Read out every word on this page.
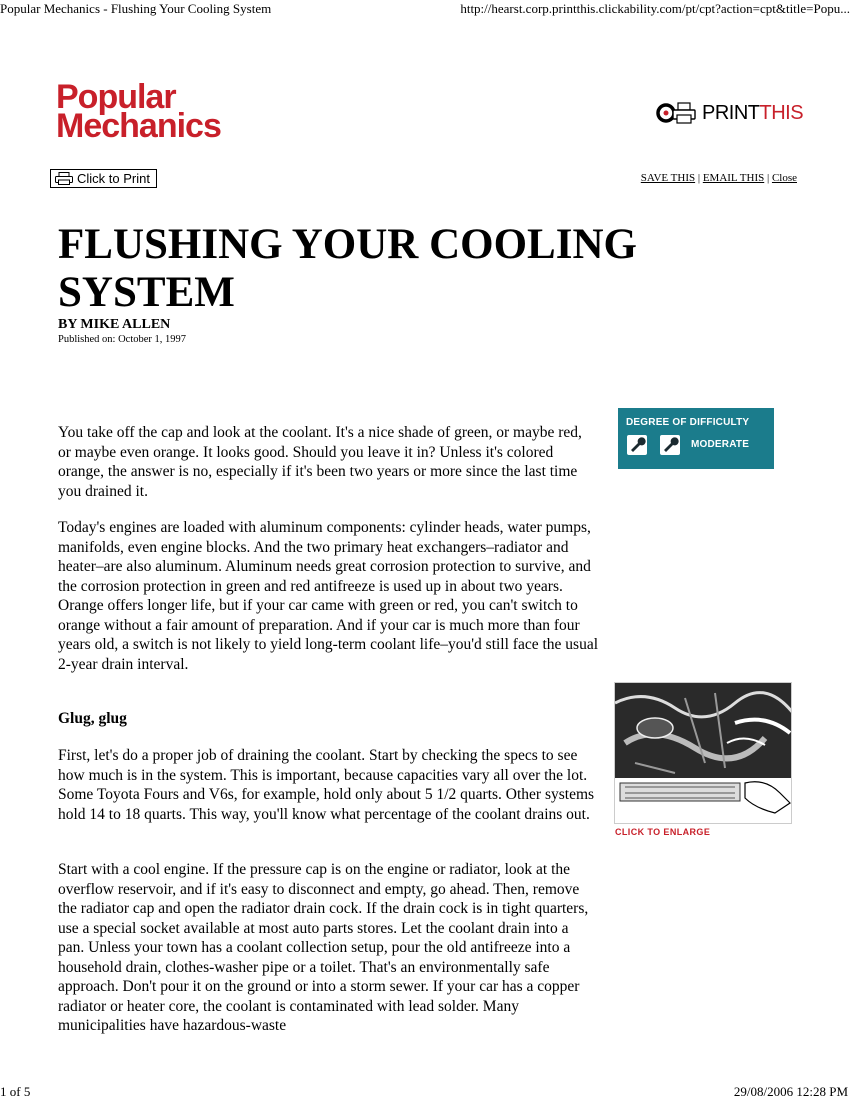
Popular Mechanics - Flushing Your Cooling System	http://hearst.corp.printthis.clickability.com/pt/cpt?action=cpt&title=Popu...
Popular
Mechanics	PRINTTHIS
Click to Print	SAVE THIS | EMAIL THIS | Close
FLUSHING YOUR COOLING SYSTEM
BY MIKE ALLEN
Published on: October 1, 1997

You take off the cap and look at the coolant. It's a nice shade of green, or maybe red, or maybe even orange. It looks good. Should you leave it in? Unless it's colored orange, the answer is no, especially if it's been two years or more since the last time you drained it.

Today's engines are loaded with aluminum components: cylinder heads, water pumps, manifolds, even engine blocks. And the two primary heat exchangers–radiator and heater–are also aluminum. Aluminum needs great corrosion protection to survive, and the corrosion protection in green and red antifreeze is used up in about two years. Orange offers longer life, but if your car came with green or red, you can't switch to orange without a fair amount of preparation. And if your car is much more than four years old, a switch is not likely to yield long-term coolant life–you'd still face the usual 2-year drain interval.

Glug, glug

First, let's do a proper job of draining the coolant. Start by checking the specs to see how much is in the system. This is important, because capacities vary all over the lot. Some Toyota Fours and V6s, for example, hold only about 5 1/2 quarts. Other systems hold 14 to 18 quarts. This way, you'll know what percentage of the coolant drains out.

Start with a cool engine. If the pressure cap is on the engine or radiator, look at the overflow reservoir, and if it's easy to disconnect and empty, go ahead. Then, remove the radiator cap and open the radiator drain cock. If the drain cock is in tight quarters, use a special socket available at most auto parts stores. Let the coolant drain into a pan. Unless your town has a coolant collection setup, pour the old antifreeze into a household drain, clothes-washer pipe or a toilet. That's an environmentally safe approach. Don't pour it on the ground or into a storm sewer. If your car has a copper radiator or heater core, the coolant is contaminated with lead solder. Many municipalities have hazardous-waste

DEGREE OF DIFFICULTY
MODERATE
CLICK TO ENLARGE
1 of 5	29/08/2006 12:28 PM
